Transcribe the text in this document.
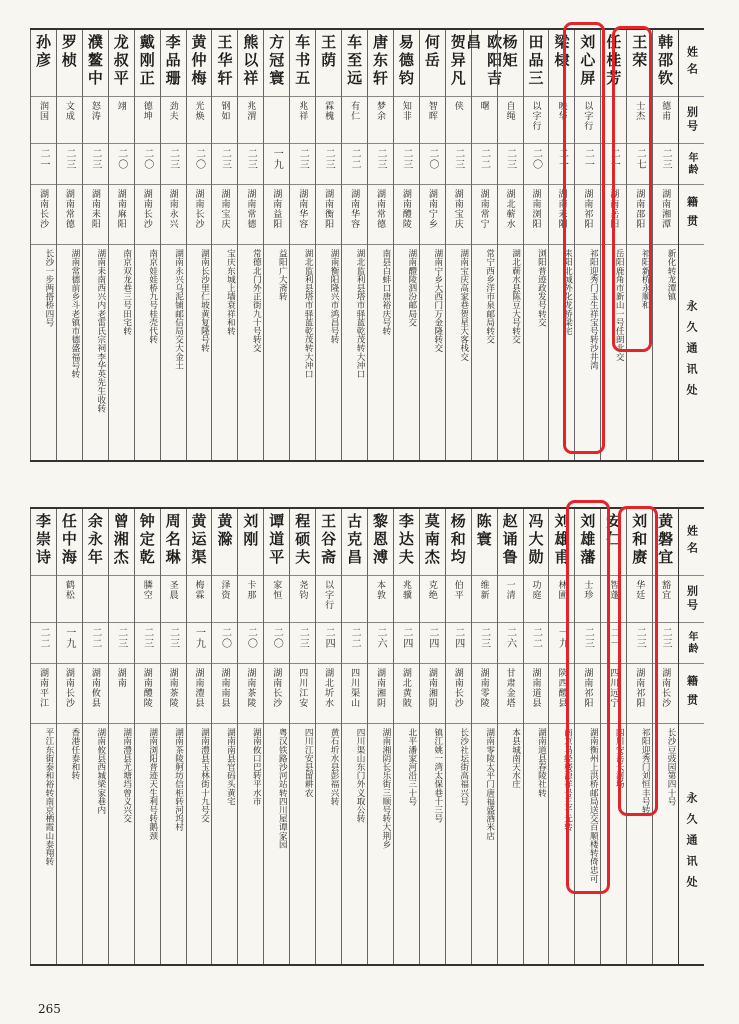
姓名
别号
年龄
籍贯
永久通讯处
韩邵钦
德甫
二三
湖南湘潭
新化转龙潭镇
王荣
士杰
二七
湖南邵阳
祁阳新桥永顺和
任桂芳
二一
湖南岳阳
岳阳鹿角市新山一号任朗北交
刘心屏
以字行
二一
湖南祁阳
祁阳迎秀门玉生祥宝号转沙井湾
梁棣
映华
二一
湖南耒阳
耒阳北城外化龙桥梁宅
田品三
以字行
二〇
湖南浏阳
浏阳普迹政发号转交
杨矩
自绳
二三
湖北蕲水
湖北蕲水县陈豆大号转交
欧阳吉昌
曙
二二
湖南常宁
常宁西乡洋市泉邮局转交
贺异凡
侠
二三
湖南宝庆
湖南宝庆高家巷贺星大客栈交
何岳
智晖
二〇
湖南宁乡
湖南宁乡大西门万金隆转交
易德钧
知非
二三
湖南醴陵
湖南醴陵泗汾邮局交
唐东轩
梦余
二三
湖南常德
南县白蚌口唐裕庆号转
车至远
有仁
二二
湖南华容
湖北监利县塔市驿蓝乾茂转大冲口
王荫
霖槐
二三
湖南衡阳
湖南衡阳隆兴市鸿昌号转
车书五
兆祥
二三
湖南华容
湖北监利县塔市驿蓝乾茂转大冲口
方冠寰
一九
湖南益阳
益阳广大斋转
熊以祥
兆渭
二三
湖南常德
常德北门外正街九十号转交
王华轩
钢如
二三
湖南宝庆
宝庆东城上墙衰祥和转
黄仲梅
光焕
二〇
湖南长沙
湖南长沙里仁坡黄复隆号转
李品珊
劲夫
二三
湖南永兴
湖南永兴乌泥铺邮信局交大金土
戴刚正
德坤
二〇
湖南长沙
南京娃娃桥九号桂壳代转
龙叔平
翊
二〇
湖南麻阳
南京双龙巷三号田宅转
濮鳌中
怒涛
二三
湖南耒阳
湖南耒南西兴内老雷氏宗祠李华英先生收转
罗桢
文成
二三
湖南常德
湖南常德前乡斗老镇市德盛福号转
孙彦
润国
二一
湖南长沙
长沙一步两搭桥四号
姓名
别号
年龄
籍贯
永久通讯处
黄磐宜
豁宜
二三
湖南长沙
长沙豆豉园第四十号
刘和赓
华廷
二三
湖南祁阳
祁阳迎秀门刘恒丰号转
安仁
智蓬
二一
四川远宁
四川安岳长河场
刘雄藩
士珍
二三
湖南祁阳
湖南衡州上洪桥邮局送交百顺楼转倚忠可
刘雄甫
林圃
一九
陕西醴县
南京马经楼源祥号王子元转
冯大勋
功庭
二二
湖南道县
湖南道县春陵社转
赵诵鲁
一清
二六
甘肃金塔
本县城南天水庄
陈寰
维新
二三
湖南零陵
湖南零陵太平门唐福盛酒米店
杨和均
伯平
二四
湖南长沙
长沙社坛街高福兴号
莫南杰
克绝
二四
湖南湘阴
镇江姚一湾太保巷十三号
李达夫
兆骥
二四
湖北黄陂
北平潘家河沿三十号
黎恩溥
本敦
二六
湖南湘阴
湖南湘阴长乐街三顺号转大荆乡
古克昌
二二
四川渠山
四川渠山东门外义取公转
王谷斋
以字行
二四
湖北圻水
黄石圻水县彭福兴转
程硕夫
尧钧
二三
四川江安
四川江安县留耕农
谭道平
家恒
二〇
湖南长沙
粤汉铁路沙河站转四川屋谭家园
刘刚
卡那
二〇
湖南茶陵
湖南攸口巴转平水市
黄滁
泽资
二〇
湖南南县
湖南南县官码头黄宅
黄运渠
梅霖
一九
湖南澧县
湖南澧县玉林街十九号交
周名琳
圣晨
二三
湖南茶陵
湖南茶陵舸坊信柜转河坞村
钟定乾
膦空
二三
湖南醴陵
湖南浏阳普迹天生利号转鹅颈
曾湘杰
二三
湖南
湖南澧县尤塘垱曾义兴交
余永年
二二
湖南攸县
湖南攸县西城梁家巷内
任中海
鹤松
一九
湖南长沙
香港任泰和转
李崇诗
二二
湖南平江
平江东街泰和裕转南京栖霞山泰翔转
265
